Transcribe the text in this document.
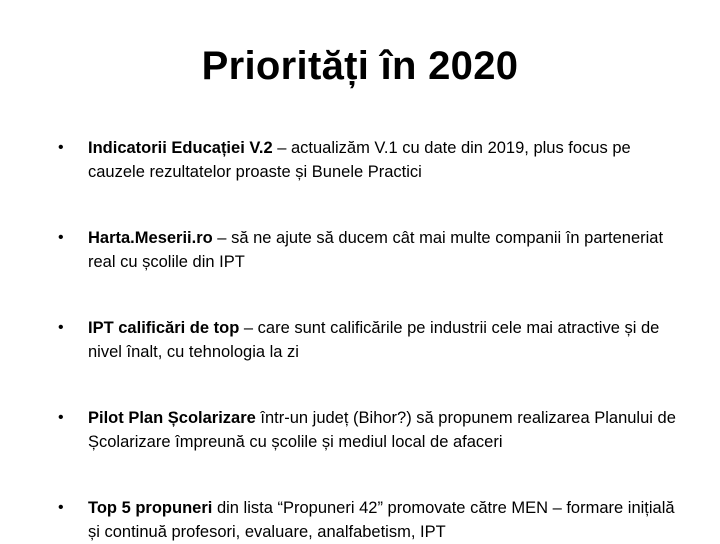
Priorități în 2020
•	Indicatorii Educației V.2 – actualizăm V.1 cu date din 2019, plus focus pe cauzele rezultatelor proaste și Bunele Practici
•	Harta.Meserii.ro – să ne ajute să ducem cât mai multe companii în parteneriat real cu școlile din IPT
•	IPT calificări de top – care sunt calificările pe industrii cele mai atractive și de nivel înalt, cu tehnologia la zi
•	Pilot Plan Școlarizare într-un județ (Bihor?) să propunem realizarea Planului de Școlarizare împreună cu școlile și mediul local de afaceri
•	Top 5 propuneri din lista “Propuneri 42” promovate către MEN – formare inițială și continuă profesori, evaluare, analfabetism, IPT
